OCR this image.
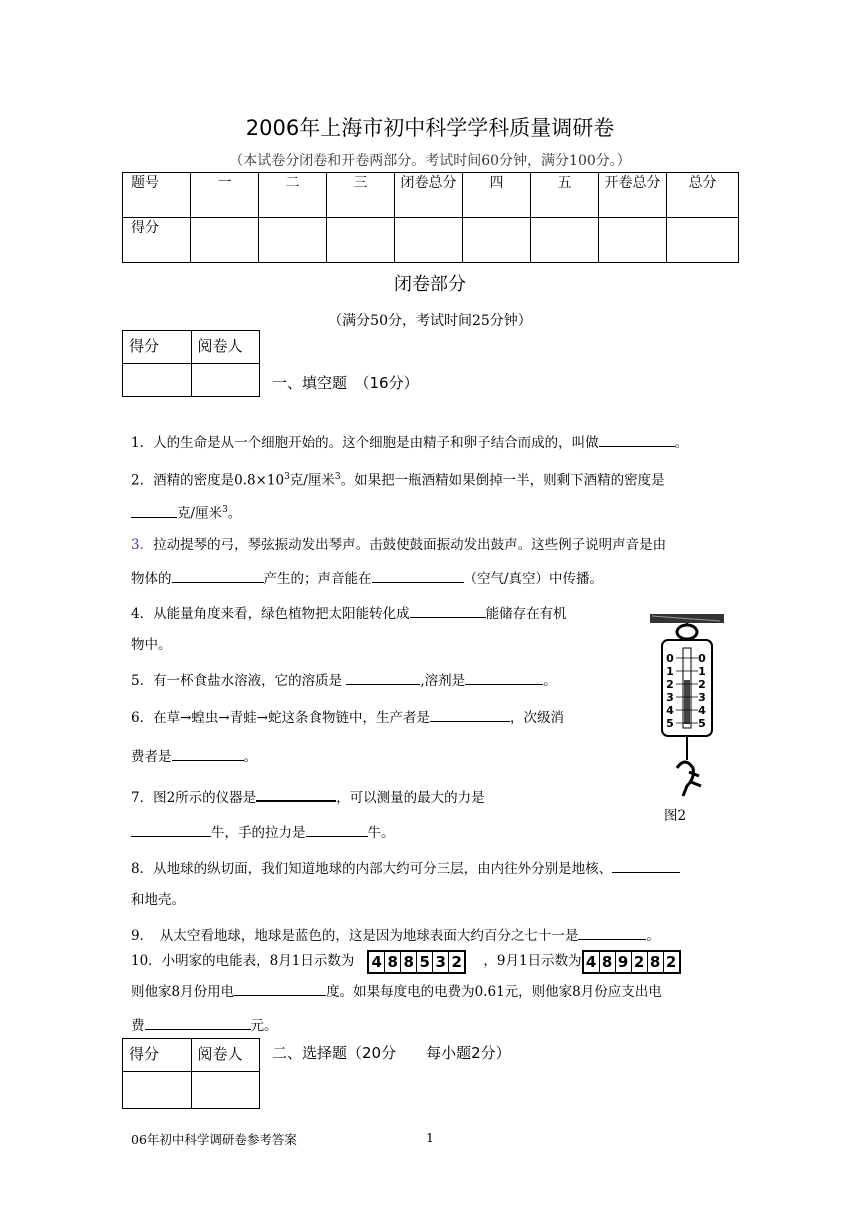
2006年上海市初中科学学科质量调研卷
（本试卷分闭卷和开卷两部分。考试时间60分钟，满分100分。）
题号	一	二	三	闭卷总分	四	五	开卷总分	总分
得分								
闭卷部分
（满分50分，考试时间25分钟）
得分	阅卷人

一、填空题　（16分）
1．人的生命是从一个细胞开始的。这个细胞是由精子和卵子结合而成的，叫做	。
2．酒精的密度是$0.8\times 10^3$克/厘米$^3$。如果把一瓶酒精如果倒掉一半，则剩下酒精的密度是
克/厘米$^3$。
3．拉动提琴的弓，琴弦振动发出琴声。击鼓使鼓面振动发出鼓声。这些例子说明声音是由
物体的	产生的；声音能在	（空气/真空）中传播。
4．从能量角度来看，绿色植物把太阳能转化成	能储存在有机
物中。
5．有一杯食盐水溶液，它的溶质是	,溶剂是	。
6．在草→蝗虫→青蛙→蛇这条食物链中，生产者是	，次级消
费者是	。
7．图2所示的仪器是	，可以测量的最大的力是
牛，手的拉力是	牛。
8．从地球的纵切面，我们知道地球的内部大约可分三层，由内往外分别是地核、
和地壳。
9．　从太空看地球，地球是蓝色的，这是因为地球表面大约百分之七十一是	。
10．小明家的电能表，8月1日示数为 4 8 8 5 3 2 ，9月1日示数为 4 8 9 2 8 2
则他家8月份用电	度。如果每度电的电费为0.61元，则他家8月份应支出电
费	元。
0 0
1 1
2 2
3 3
4 4
5 5
图2
得分	阅卷人
	二、选择题（20分　　每小题2分）
06年初中科学调研卷参考答案	1
